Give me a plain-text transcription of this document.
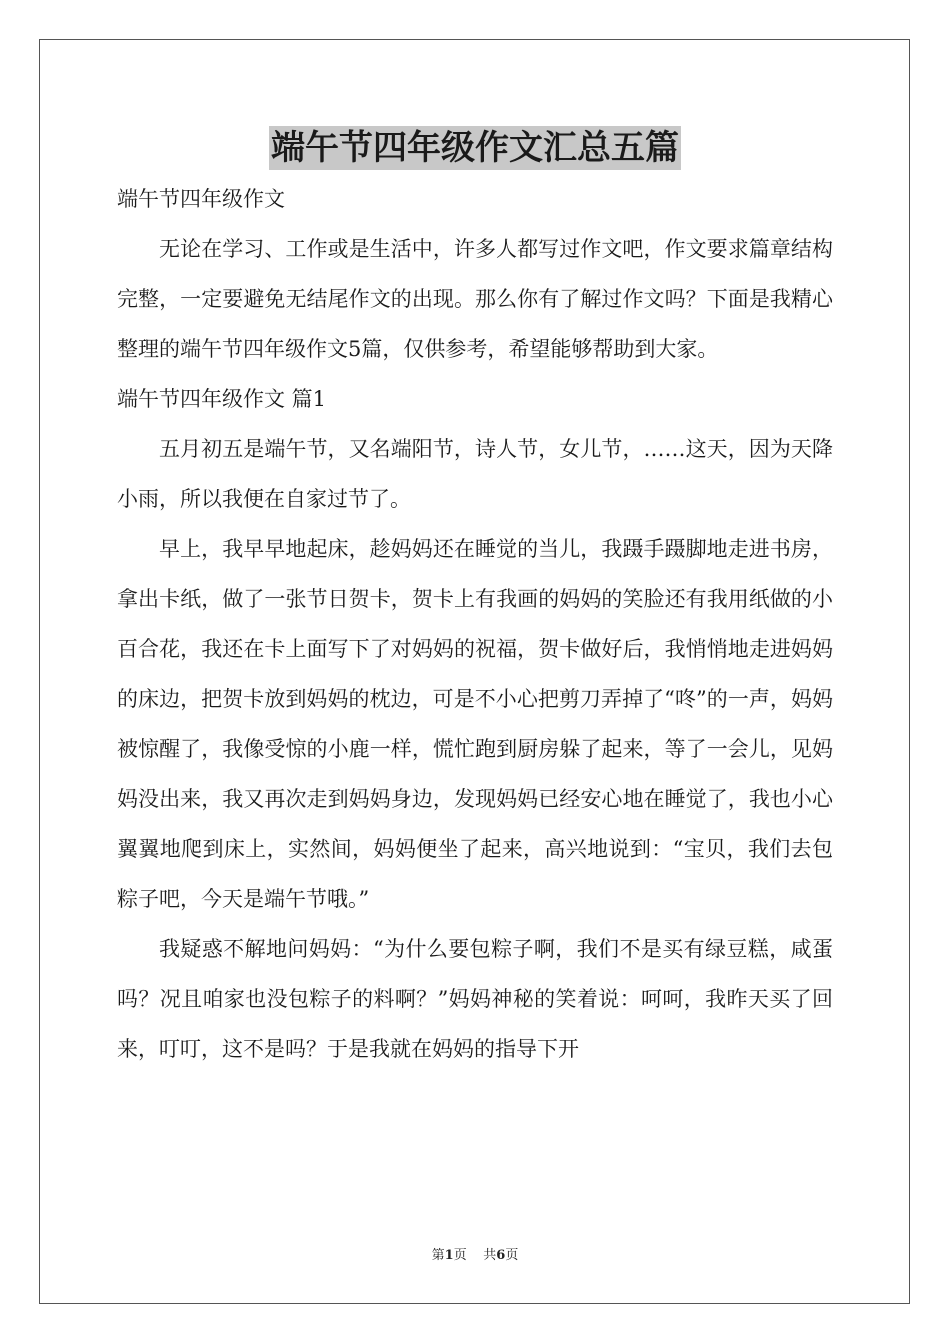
端午节四年级作文汇总五篇

端午节四年级作文

无论在学习、工作或是生活中，许多人都写过作文吧，作文要求篇章结构完整，一定要避免无结尾作文的出现。那么你有了解过作文吗？下面是我精心整理的端午节四年级作文5篇，仅供参考，希望能够帮助到大家。

端午节四年级作文 篇1

五月初五是端午节，又名端阳节，诗人节，女儿节，……这天，因为天降小雨，所以我便在自家过节了。

早上，我早早地起床，趁妈妈还在睡觉的当儿，我蹑手蹑脚地走进书房，拿出卡纸，做了一张节日贺卡，贺卡上有我画的妈妈的笑脸还有我用纸做的小百合花，我还在卡上面写下了对妈妈的祝福，贺卡做好后，我悄悄地走进妈妈的床边，把贺卡放到妈妈的枕边，可是不小心把剪刀弄掉了“咚”的一声，妈妈被惊醒了，我像受惊的小鹿一样，慌忙跑到厨房躲了起来，等了一会儿，见妈妈没出来，我又再次走到妈妈身边，发现妈妈已经安心地在睡觉了，我也小心翼翼地爬到床上，实然间，妈妈便坐了起来，高兴地说到：“宝贝，我们去包粽子吧，今天是端午节哦。”

我疑惑不解地问妈妈：“为什么要包粽子啊，我们不是买有绿豆糕，咸蛋吗？况且咱家也没包粽子的料啊？”妈妈神秘的笑着说：呵呵，我昨天买了回来，叮叮，这不是吗？于是我就在妈妈的指导下开

第1页 共6页
